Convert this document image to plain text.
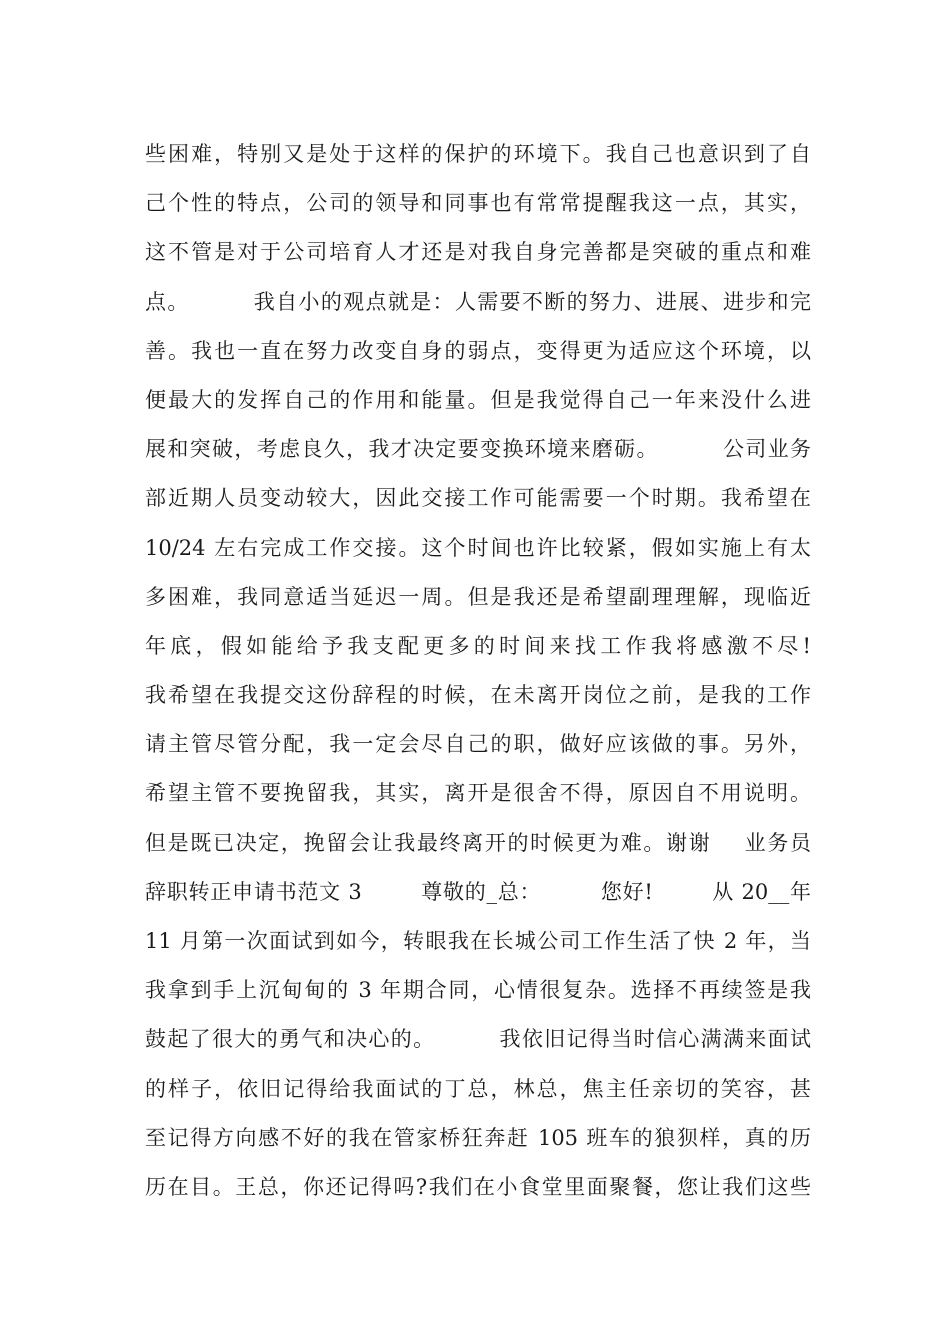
些困难，特别又是处于这样的保护的环境下。我自己也意识到了自
己个性的特点，公司的领导和同事也有常常提醒我这一点，其实，
这不管是对于公司培育人才还是对我自身完善都是突破的重点和难
点。        我自小的观点就是：人需要不断的努力、进展、进步和完
善。我也一直在努力改变自身的弱点，变得更为适应这个环境，以
便最大的发挥自己的作用和能量。但是我觉得自己一年来没什么进
展和突破，考虑良久，我才决定要变换环境来磨砺。        公司业务
部近期人员变动较大，因此交接工作可能需要一个时期。我希望在
10/24 左右完成工作交接。这个时间也许比较紧，假如实施上有太
多困难，我同意适当延迟一周。但是我还是希望副理理解，现临近
年底，假如能给予我支配更多的时间来找工作我将感激不尽!
我希望在我提交这份辞程的时候，在未离开岗位之前，是我的工作
请主管尽管分配，我一定会尽自己的职，做好应该做的事。另外，
希望主管不要挽留我，其实，离开是很舍不得，原因自不用说明。
但是既已决定，挽留会让我最终离开的时候更为难。谢谢    业务员
辞职转正申请书范文 3        尊敬的_总：        您好!        从 20__年
11 月第一次面试到如今，转眼我在长城公司工作生活了快 2 年，当
我拿到手上沉甸甸的 3 年期合同，心情很复杂。选择不再续签是我
鼓起了很大的勇气和决心的。        我依旧记得当时信心满满来面试
的样子，依旧记得给我面试的丁总，林总，焦主任亲切的笑容，甚
至记得方向感不好的我在管家桥狂奔赶 105 班车的狼狈样，真的历
历在目。王总，你还记得吗?我们在小食堂里面聚餐，您让我们这些
